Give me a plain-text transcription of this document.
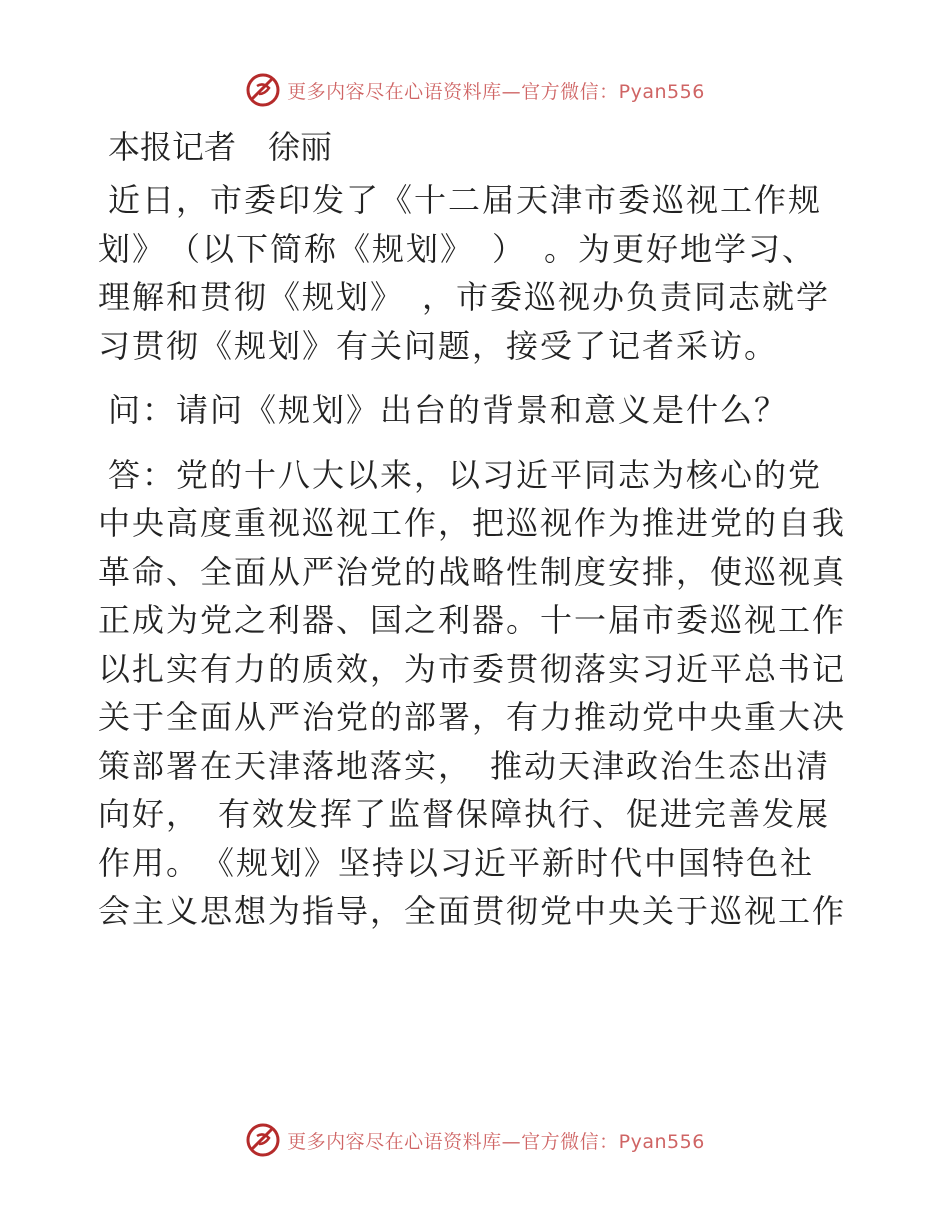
更多内容尽在心语资料库—官方微信：Pyan556
本报记者　徐丽

近日，市委印发了《十二届天津市委巡视工作规
划》　（以下简称《规划》　）　。为更好地学习、
理解和贯彻《规划》　，市委巡视办负责同志就学
习贯彻《规划》有关问题，接受了记者采访。

问：请问《规划》出台的背景和意义是什么？

答：党的十八大以来，以习近平同志为核心的党
中央高度重视巡视工作，把巡视作为推进党的自我
革命、全面从严治党的战略性制度安排，使巡视真
正成为党之利器、国之利器。十一届市委巡视工作
以扎实有力的质效，为市委贯彻落实习近平总书记
关于全面从严治党的部署，有力推动党中央重大决
策部署在天津落地落实，　推动天津政治生态出清
向好，　有效发挥了监督保障执行、促进完善发展
作用。　《规划》坚持以习近平新时代中国特色社
会主义思想为指导，全面贯彻党中央关于巡视工作

更多内容尽在心语资料库—官方微信：Pyan556
